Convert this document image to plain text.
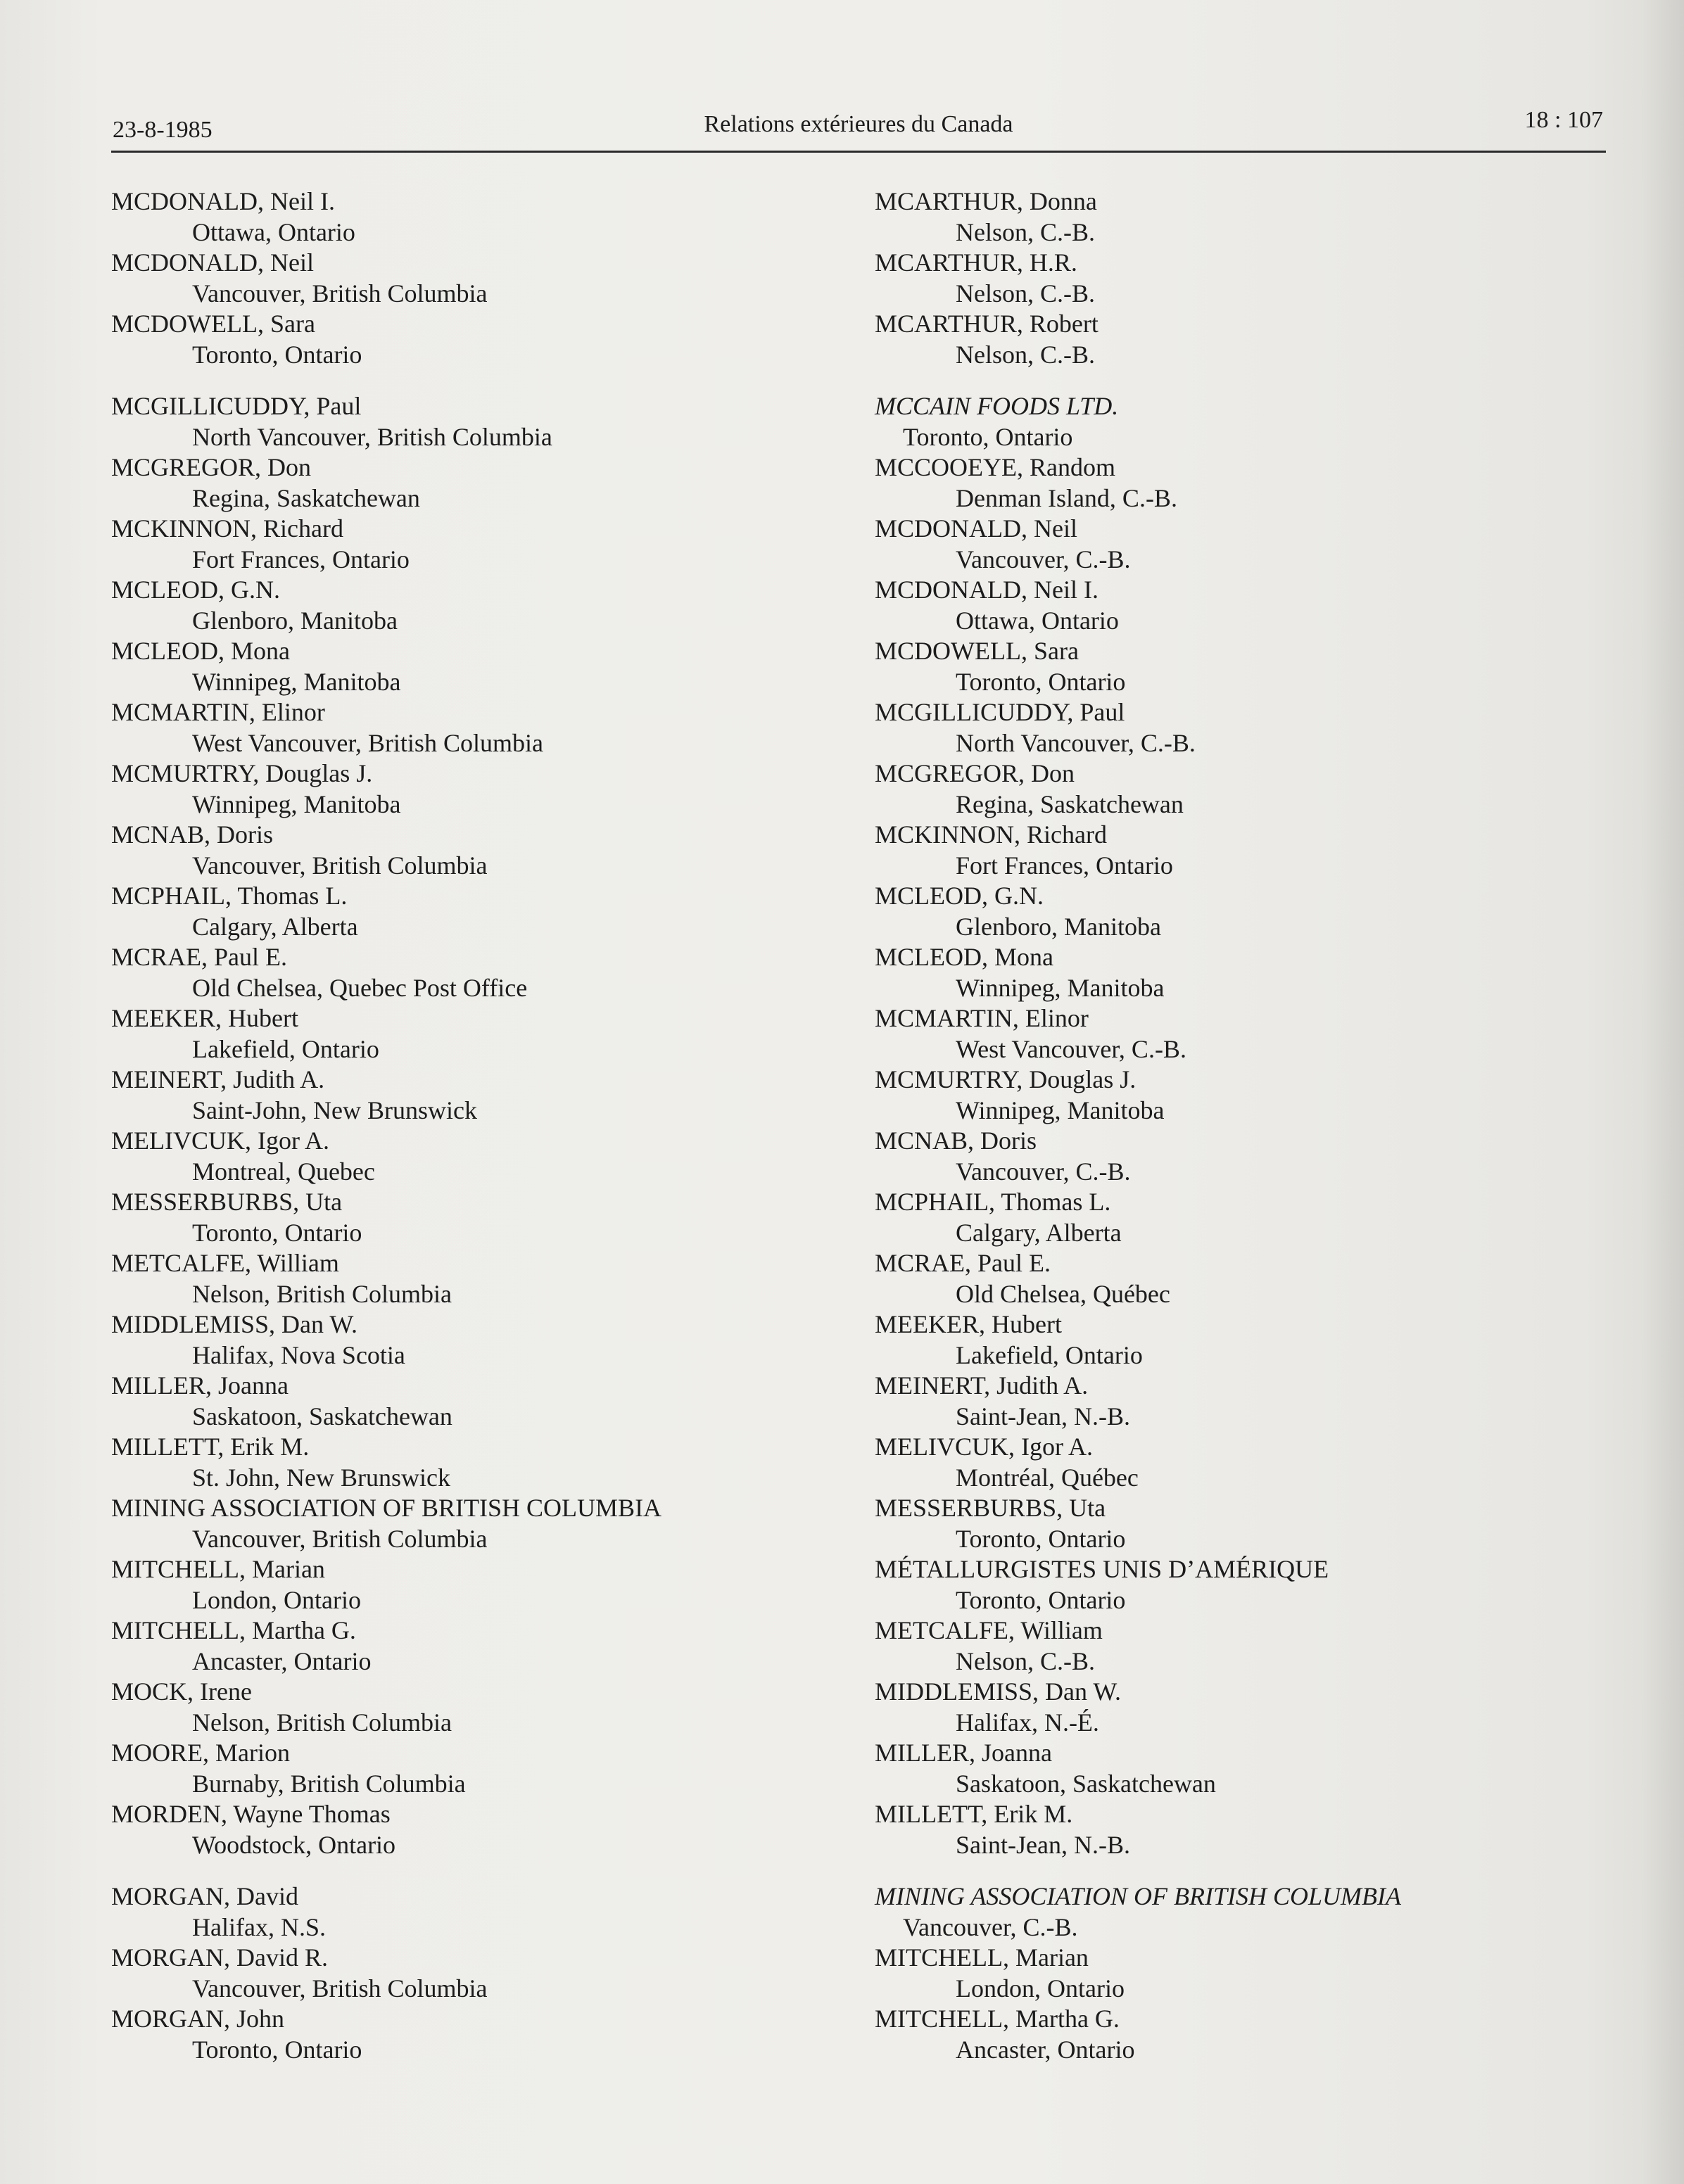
23-8-1985	Relations extérieures du Canada	18 : 107
MCDONALD, Neil I.
Ottawa, Ontario
MCDONALD, Neil
Vancouver, British Columbia
MCDOWELL, Sara
Toronto, Ontario
MCGILLICUDDY, Paul
North Vancouver, British Columbia
MCGREGOR, Don
Regina, Saskatchewan
MCKINNON, Richard
Fort Frances, Ontario
MCLEOD, G.N.
Glenboro, Manitoba
MCLEOD, Mona
Winnipeg, Manitoba
MCMARTIN, Elinor
West Vancouver, British Columbia
MCMURTRY, Douglas J.
Winnipeg, Manitoba
MCNAB, Doris
Vancouver, British Columbia
MCPHAIL, Thomas L.
Calgary, Alberta
MCRAE, Paul E.
Old Chelsea, Quebec Post Office
MEEKER, Hubert
Lakefield, Ontario
MEINERT, Judith A.
Saint-John, New Brunswick
MELIVCUK, Igor A.
Montreal, Quebec
MESSERBURBS, Uta
Toronto, Ontario
METCALFE, William
Nelson, British Columbia
MIDDLEMISS, Dan W.
Halifax, Nova Scotia
MILLER, Joanna
Saskatoon, Saskatchewan
MILLETT, Erik M.
St. John, New Brunswick
MINING ASSOCIATION OF BRITISH COLUMBIA
Vancouver, British Columbia
MITCHELL, Marian
London, Ontario
MITCHELL, Martha G.
Ancaster, Ontario
MOCK, Irene
Nelson, British Columbia
MOORE, Marion
Burnaby, British Columbia
MORDEN, Wayne Thomas
Woodstock, Ontario
MORGAN, David
Halifax, N.S.
MORGAN, David R.
Vancouver, British Columbia
MORGAN, John
Toronto, Ontario
MCARTHUR, Donna
Nelson, C.-B.
MCARTHUR, H.R.
Nelson, C.-B.
MCARTHUR, Robert
Nelson, C.-B.
MCCAIN FOODS LTD.
Toronto, Ontario
MCCOOEYE, Random
Denman Island, C.-B.
MCDONALD, Neil
Vancouver, C.-B.
MCDONALD, Neil I.
Ottawa, Ontario
MCDOWELL, Sara
Toronto, Ontario
MCGILLICUDDY, Paul
North Vancouver, C.-B.
MCGREGOR, Don
Regina, Saskatchewan
MCKINNON, Richard
Fort Frances, Ontario
MCLEOD, G.N.
Glenboro, Manitoba
MCLEOD, Mona
Winnipeg, Manitoba
MCMARTIN, Elinor
West Vancouver, C.-B.
MCMURTRY, Douglas J.
Winnipeg, Manitoba
MCNAB, Doris
Vancouver, C.-B.
MCPHAIL, Thomas L.
Calgary, Alberta
MCRAE, Paul E.
Old Chelsea, Québec
MEEKER, Hubert
Lakefield, Ontario
MEINERT, Judith A.
Saint-Jean, N.-B.
MELIVCUK, Igor A.
Montréal, Québec
MESSERBURBS, Uta
Toronto, Ontario
MÉTALLURGISTES UNIS D’AMÉRIQUE
Toronto, Ontario
METCALFE, William
Nelson, C.-B.
MIDDLEMISS, Dan W.
Halifax, N.-É.
MILLER, Joanna
Saskatoon, Saskatchewan
MILLETT, Erik M.
Saint-Jean, N.-B.
MINING ASSOCIATION OF BRITISH COLUMBIA
Vancouver, C.-B.
MITCHELL, Marian
London, Ontario
MITCHELL, Martha G.
Ancaster, Ontario
